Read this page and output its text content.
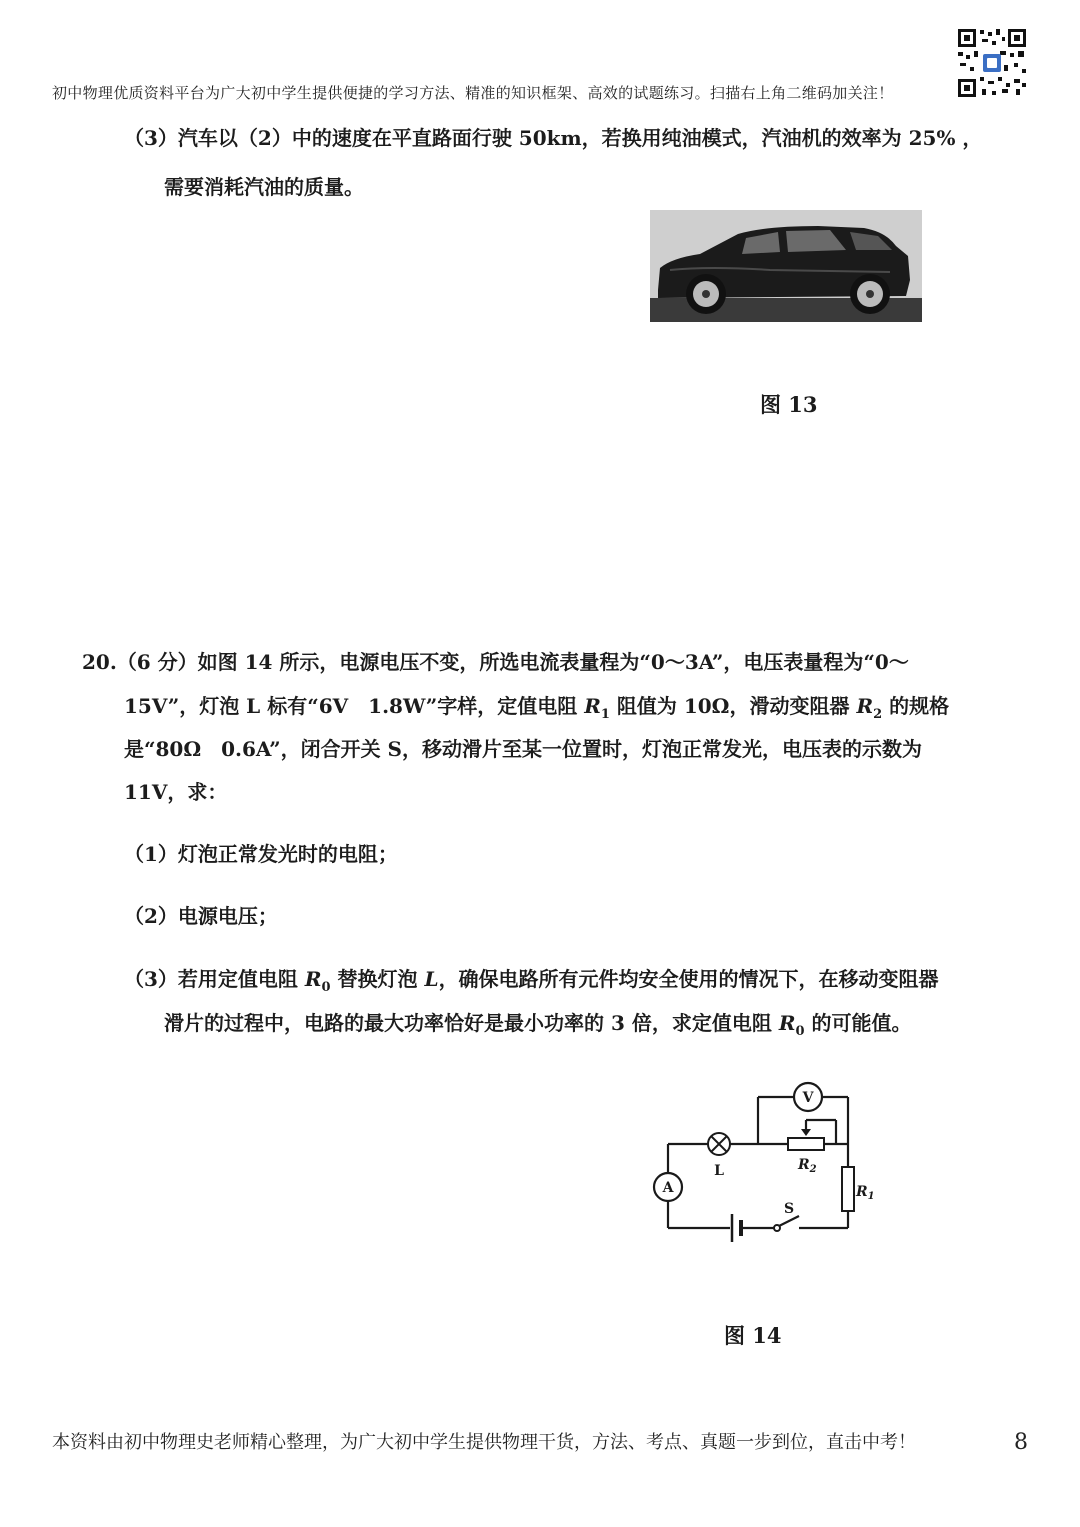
初中物理优质资料平台为广大初中学生提供便捷的学习方法、精准的知识框架、高效的试题练习。扫描右上角二维码加关注！
（3）汽车以（2）中的速度在平直路面行驶 50km，若换用纯油模式，汽油机的效率为 25% ，
需要消耗汽油的质量。
图 13
20.（6 分）如图 14 所示，电源电压不变，所选电流表量程为“0～3A”，电压表量程为“0～
15V”，灯泡 L 标有“6V　1.8W”字样，定值电阻 $R_1$ 阻值为 10Ω，滑动变阻器 $R_2$ 的规格
是“80Ω　0.6A”，闭合开关 S，移动滑片至某一位置时，灯泡正常发光，电压表的示数为
11V，求：
（1）灯泡正常发光时的电阻；
（2）电源电压；
（3）若用定值电阻 $R_0$ 替换灯泡 L，确保电路所有元件均安全使用的情况下，在移动变阻器
滑片的过程中，电路的最大功率恰好是最小功率的 3 倍，求定值电阻 $R_0$ 的可能值。
V
A
L
S
$R_2$
$R_1$
图 14
本资料由初中物理史老师精心整理，为广大初中学生提供物理干货，方法、考点、真题一步到位，直击中考！	8
